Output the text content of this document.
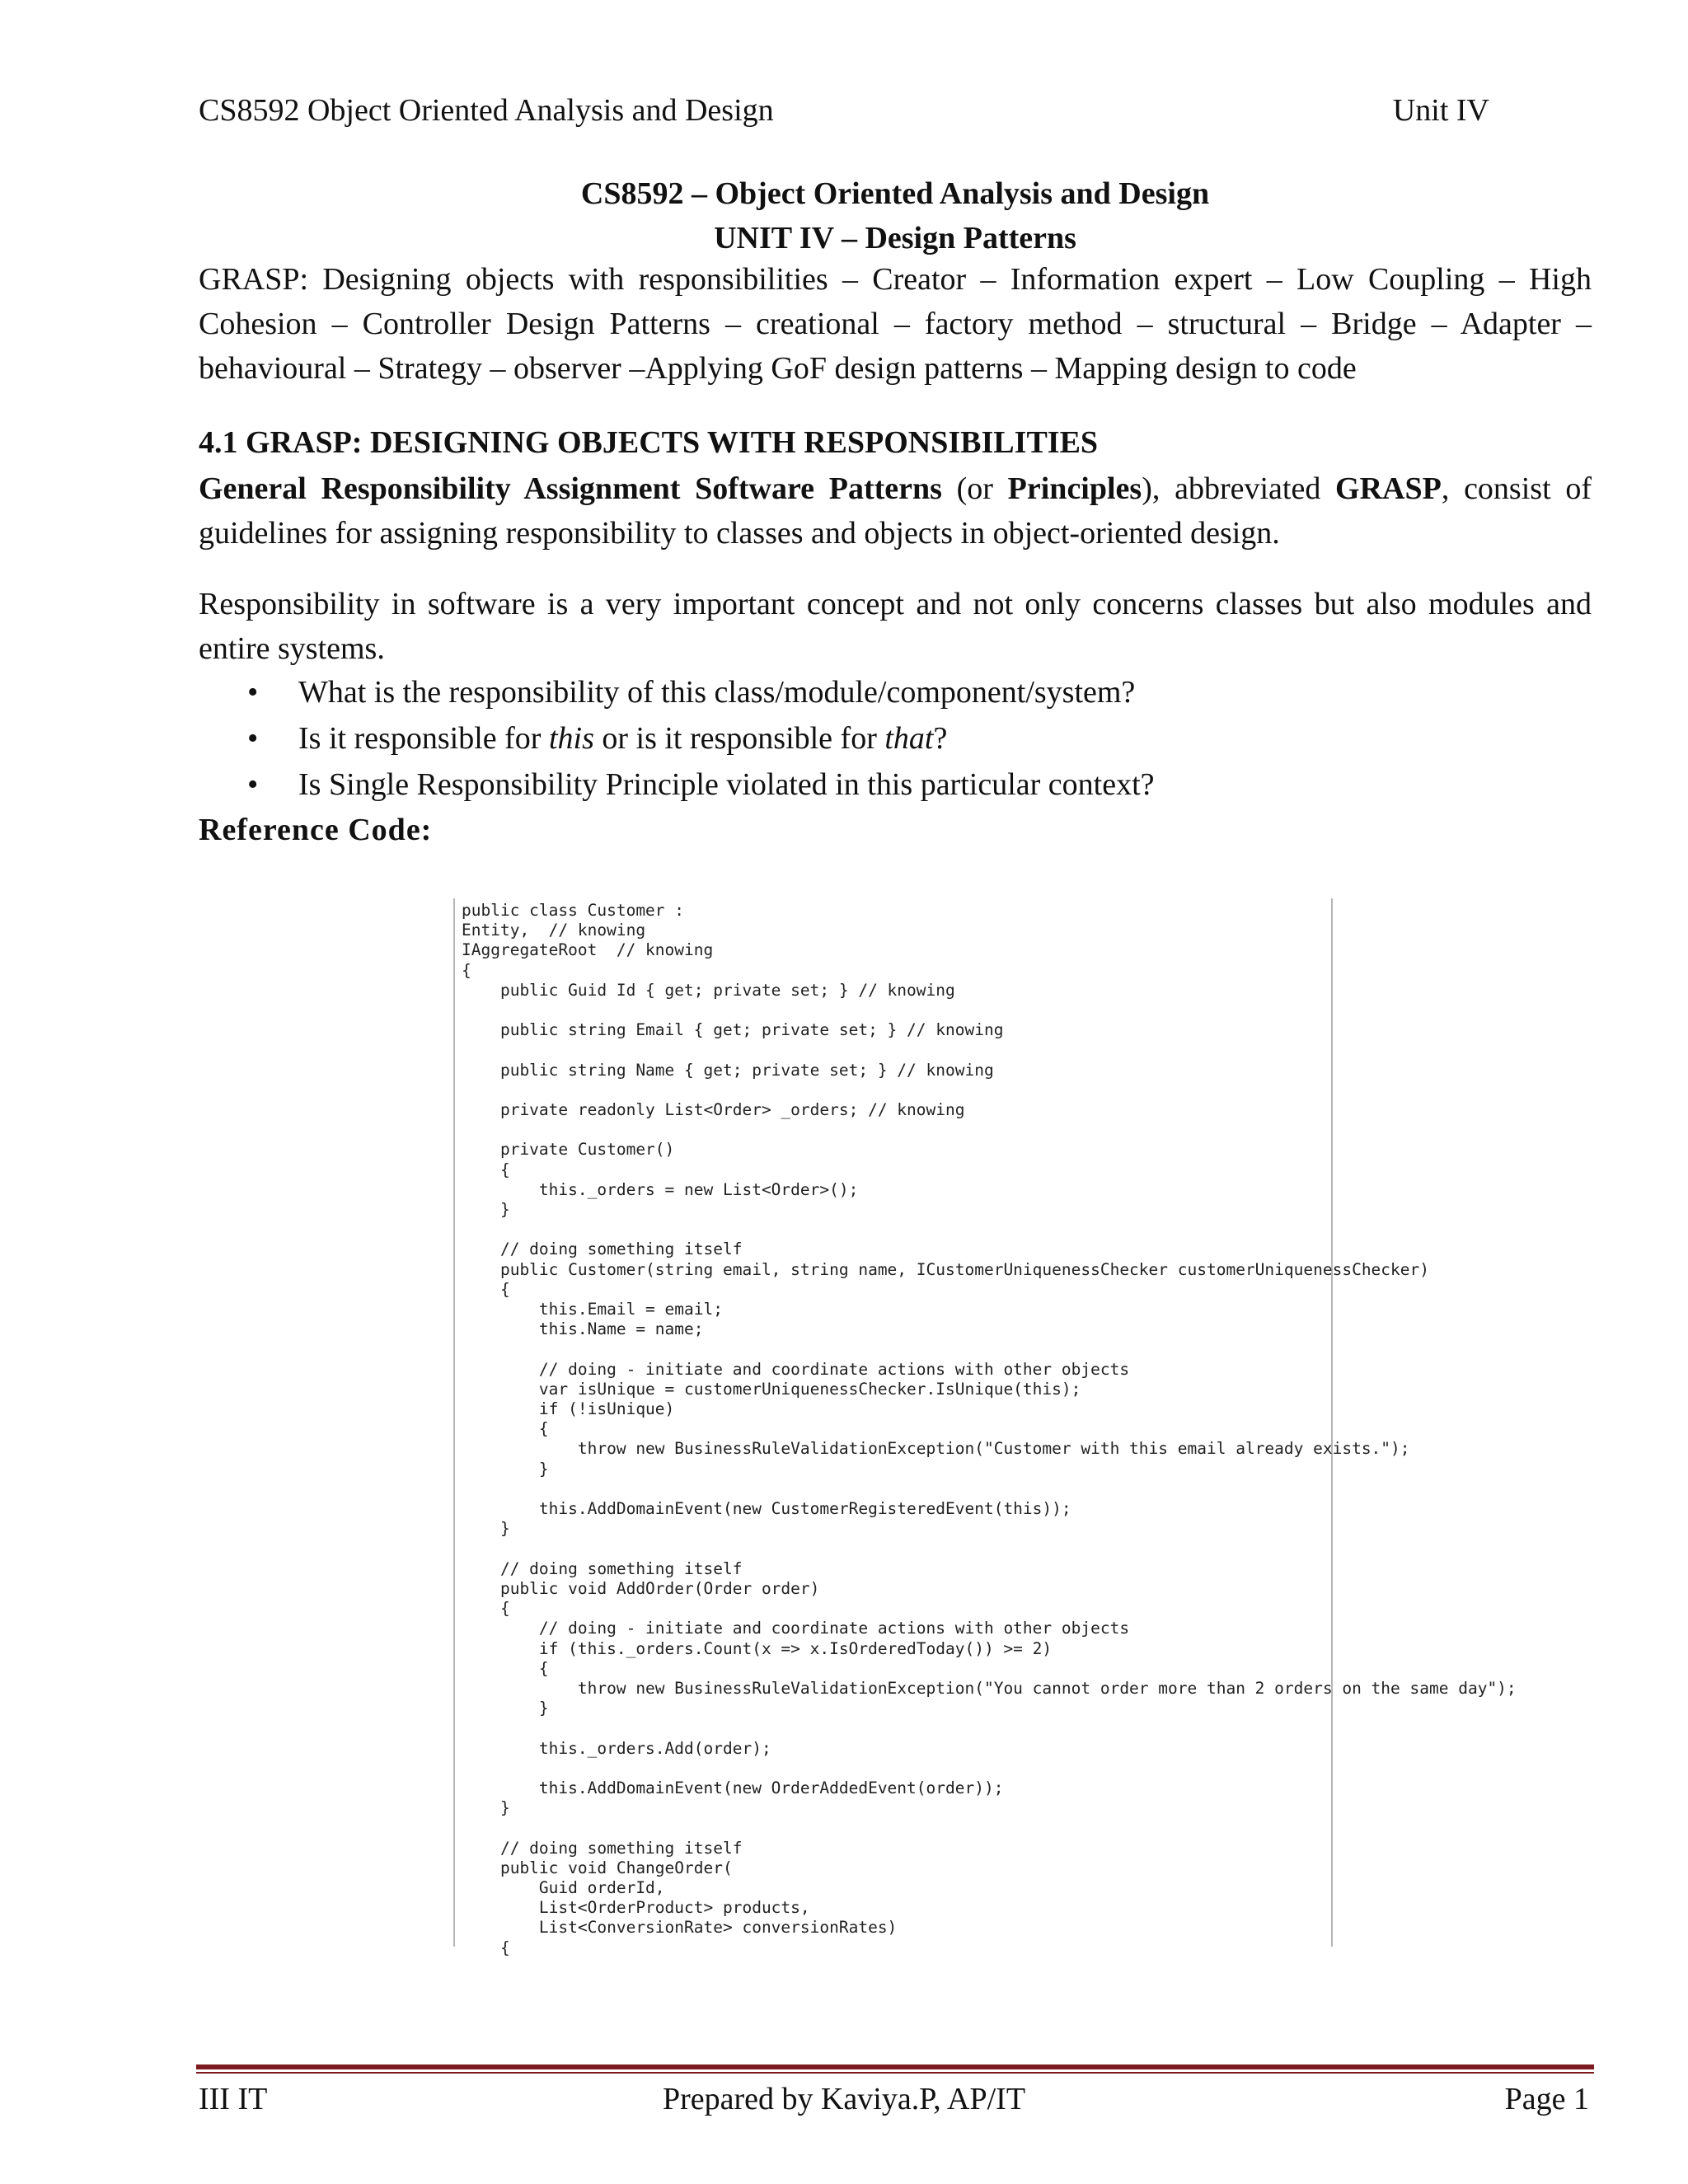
CS8592 Object Oriented Analysis and Design	Unit IV
CS8592 – Object Oriented Analysis and Design
UNIT IV – Design Patterns
GRASP: Designing objects with responsibilities – Creator – Information expert – Low Coupling – High Cohesion – Controller Design Patterns – creational – factory method – structural – Bridge – Adapter – behavioural – Strategy – observer –Applying GoF design patterns – Mapping design to code
4.1 GRASP: DESIGNING OBJECTS WITH RESPONSIBILITIES
General Responsibility Assignment Software Patterns (or Principles), abbreviated GRASP, consist of guidelines for assigning responsibility to classes and objects in object-oriented design.
Responsibility in software is a very important concept and not only concerns classes but also modules and entire systems.
• What is the responsibility of this class/module/component/system?
• Is it responsible for this or is it responsible for that?
• Is Single Responsibility Principle violated in this particular context?
Reference Code:
public class Customer :
Entity,  // knowing
IAggregateRoot  // knowing
{
public Guid Id { get; private set; } // knowing

public string Email { get; private set; } // knowing

public string Name { get; private set; } // knowing

private readonly List<Order> _orders; // knowing

private Customer()
{
this._orders = new List<Order>();
}

// doing something itself
public Customer(string email, string name, ICustomerUniquenessChecker customerUniquenessChecker)
{
this.Email = email;
this.Name = name;

// doing - initiate and coordinate actions with other objects
var isUnique = customerUniquenessChecker.IsUnique(this);
if (!isUnique)
{
throw new BusinessRuleValidationException("Customer with this email already exists.");
}

this.AddDomainEvent(new CustomerRegisteredEvent(this));
}

// doing something itself
public void AddOrder(Order order)
{
// doing - initiate and coordinate actions with other objects
if (this._orders.Count(x => x.IsOrderedToday()) >= 2)
{
throw new BusinessRuleValidationException("You cannot order more than 2 orders on the same day");
}

this._orders.Add(order);

this.AddDomainEvent(new OrderAddedEvent(order));
}

// doing something itself
public void ChangeOrder(
Guid orderId,
List<OrderProduct> products,
List<ConversionRate> conversionRates)
{
III IT	Prepared by Kaviya.P, AP/IT	Page 1
